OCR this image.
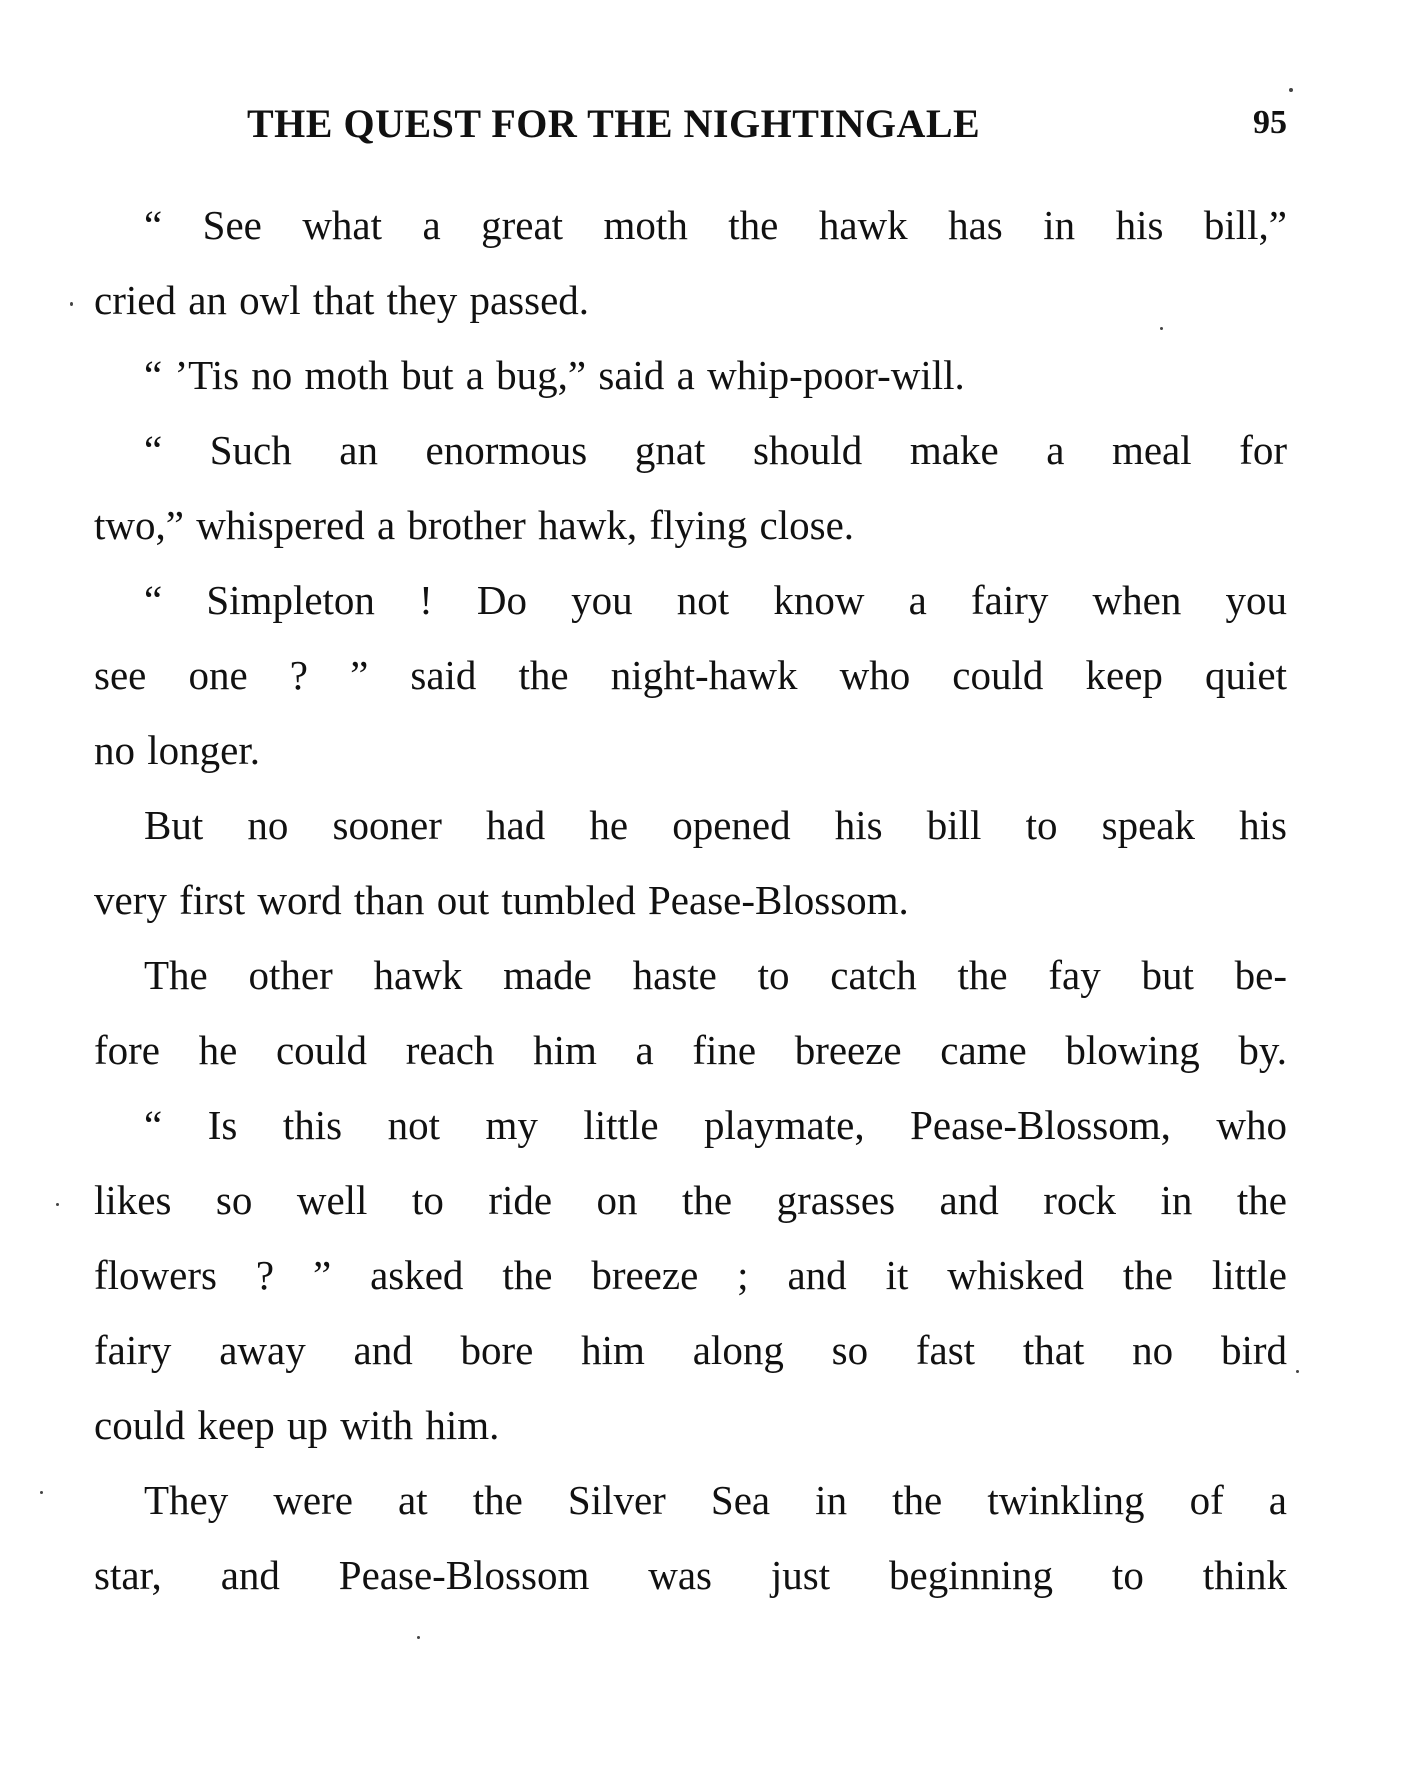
THE QUEST FOR THE NIGHTINGALE	95
“ See what a great moth the hawk has in his bill,”
cried an owl that they passed.
“ ’Tis no moth but a bug,” said a whip-poor-will.
“ Such an enormous gnat should make a meal for
two,” whispered a brother hawk, flying close.
“ Simpleton ! Do you not know a fairy when you
see one ? ” said the night-hawk who could keep quiet
no longer.
But no sooner had he opened his bill to speak his
very first word than out tumbled Pease-Blossom.
The other hawk made haste to catch the fay but be-
fore he could reach him a fine breeze came blowing by.
“ Is this not my little playmate, Pease-Blossom, who
likes so well to ride on the grasses and rock in the
flowers ? ” asked the breeze ; and it whisked the little
fairy away and bore him along so fast that no bird
could keep up with him.
They were at the Silver Sea in the twinkling of a
star, and Pease-Blossom was just beginning to think
